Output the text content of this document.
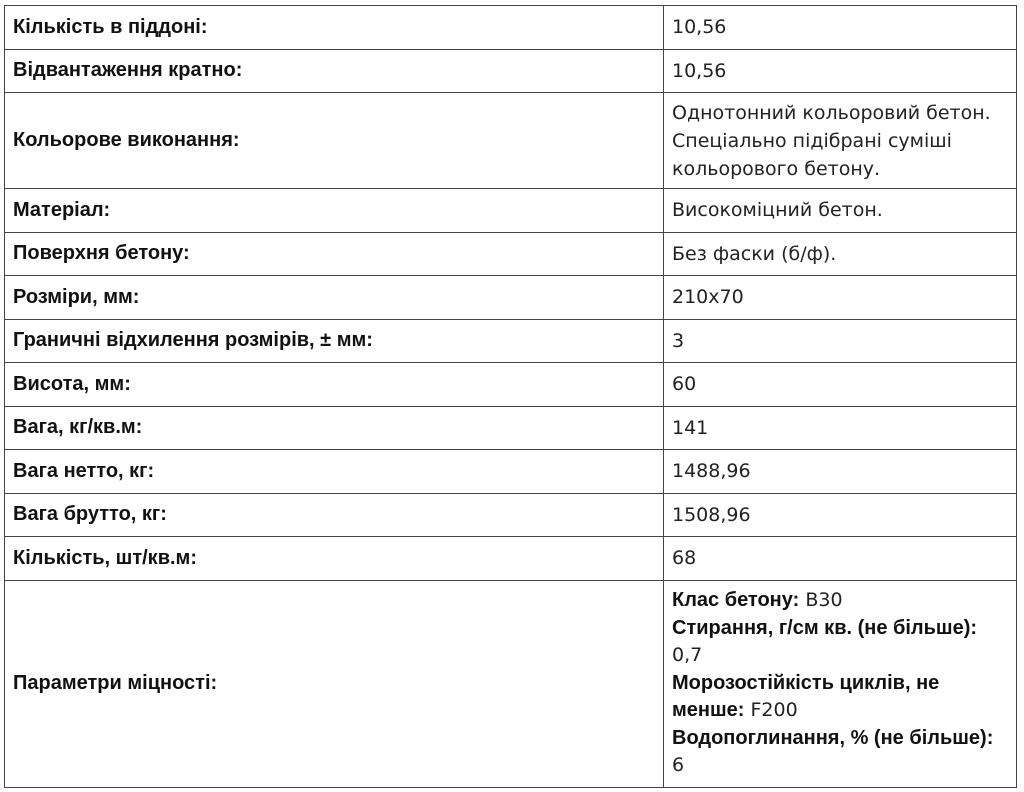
Кількість в піддоні:	10,56
Відвантаження кратно:	10,56
Кольорове виконання:	Однотонний кольоровий бетон. Спеціально підібрані суміші кольорового бетону.
Матеріал:	Високоміцний бетон.
Поверхня бетону:	Без фаски (б/ф).
Розміри, мм:	210х70
Граничні відхилення розмірів, ± мм:	3
Висота, мм:	60
Вага, кг/кв.м:	141
Вага нетто, кг:	1488,96
Вага брутто, кг:	1508,96
Кількість, шт/кв.м:	68
Параметри міцності:	Клас бетону: B30
Стирання, г/см кв. (не більше): 0,7
Морозостійкість циклів, не менше: F200
Водопоглинання, % (не більше): 6
